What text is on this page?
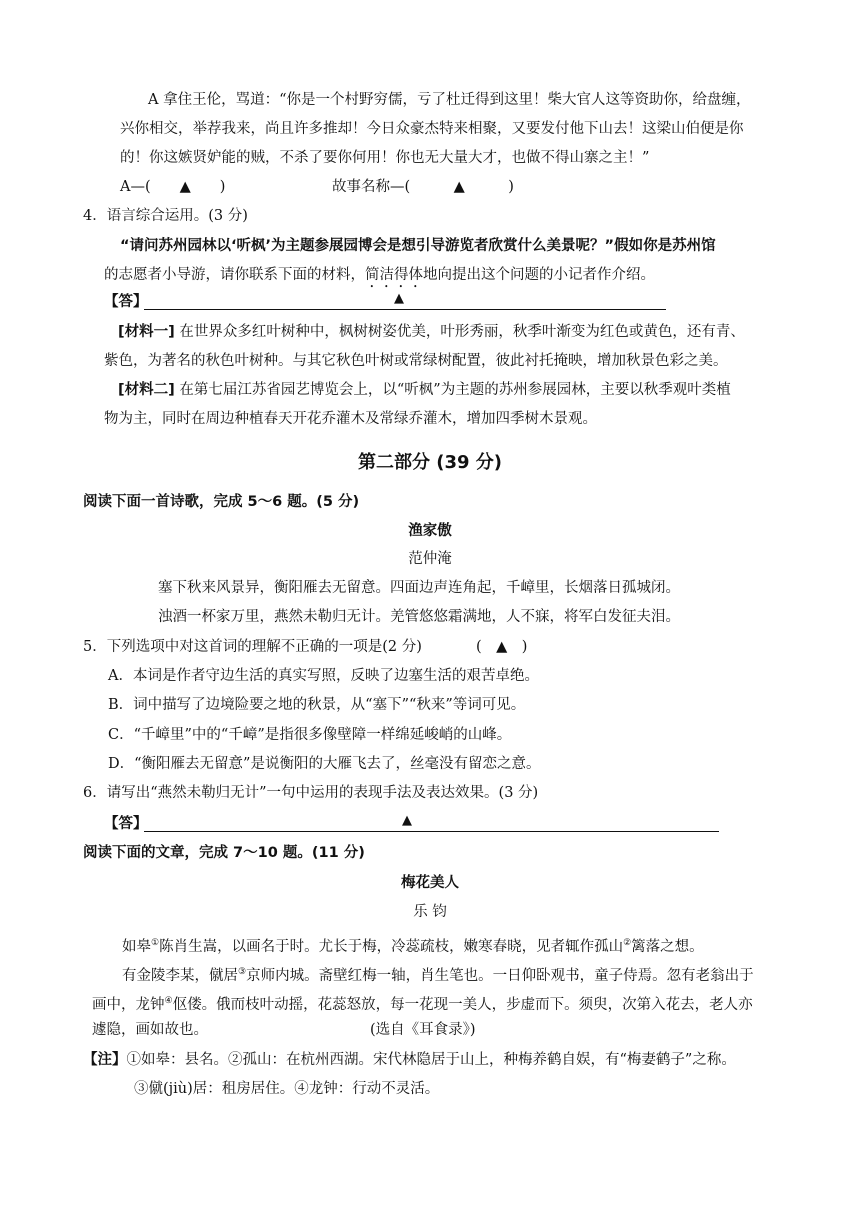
A 拿住王伦，骂道：“你是一个村野穷儒，亏了杜迁得到这里！柴大官人这等资助你，给盘缠，
兴你相交，举荐我来，尚且许多推却！今日众豪杰特来相聚，又要发付他下山去！这梁山伯便是你
的！你这嫉贤妒能的贼，不杀了要你何用！你也无大量大才，也做不得山寨之主！”
A—(　　▲　　)	故事名称—(　　　▲　　　)
4．语言综合运用。(3 分)
“请问苏州园林以‘听枫’为主题参展园博会是想引导游览者欣赏什么美景呢？”假如你是苏州馆
的志愿者小导游，请你联系下面的材料，简洁得体地向提出这个问题的小记者作介绍。
【答】	▲
[材料一] 在世界众多红叶树种中，枫树树姿优美，叶形秀丽，秋季叶渐变为红色或黄色，还有青、
紫色，为著名的秋色叶树种。与其它秋色叶树或常绿树配置，彼此衬托掩映，增加秋景色彩之美。
[材料二] 在第七届江苏省园艺博览会上，以“听枫”为主题的苏州参展园林，主要以秋季观叶类植
物为主，同时在周边种植春天开花乔灌木及常绿乔灌木，增加四季树木景观。
第二部分 (39 分)
阅读下面一首诗歌，完成 5～6 题。(5 分)
渔家傲
范仲淹
塞下秋来风景异，衡阳雁去无留意。四面边声连角起，千嶂里，长烟落日孤城闭。
浊酒一杯家万里，燕然未勒归无计。羌管悠悠霜满地，人不寐，将军白发征夫泪。
5．下列选项中对这首词的理解不正确的一项是(2 分)	(　▲　)
A．本词是作者守边生活的真实写照，反映了边塞生活的艰苦卓绝。
B．词中描写了边境险要之地的秋景，从“塞下”“秋来”等词可见。
C．“千嶂里”中的“千嶂”是指很多像壁障一样绵延峻峭的山峰。
D．“衡阳雁去无留意”是说衡阳的大雁飞去了，丝毫没有留恋之意。
6．请写出“燕然未勒归无计”一句中运用的表现手法及表达效果。(3 分)
【答】	▲
阅读下面的文章，完成 7～10 题。(11 分)
梅花美人
乐 钧
如皋①陈肖生嵩，以画名于时。尤长于梅，冷蕊疏枝，嫩寒春晓，见者辄作孤山②篱落之想。
有金陵李某，僦居③京师内城。斋壁红梅一轴，肖生笔也。一日仰卧观书，童子侍焉。忽有老翁出于
画中，龙钟④伛偻。俄而枝叶动摇，花蕊怒放，每一花现一美人，步虚而下。须臾，次第入花去，老人亦
遽隐，画如故也。	(选自《耳食录》)
【注】①如皋：县名。②孤山：在杭州西湖。宋代林隐居于山上，种梅养鹤自娱，有“梅妻鹤子”之称。
③僦(jiù)居：租房居住。④龙钟：行动不灵活。
